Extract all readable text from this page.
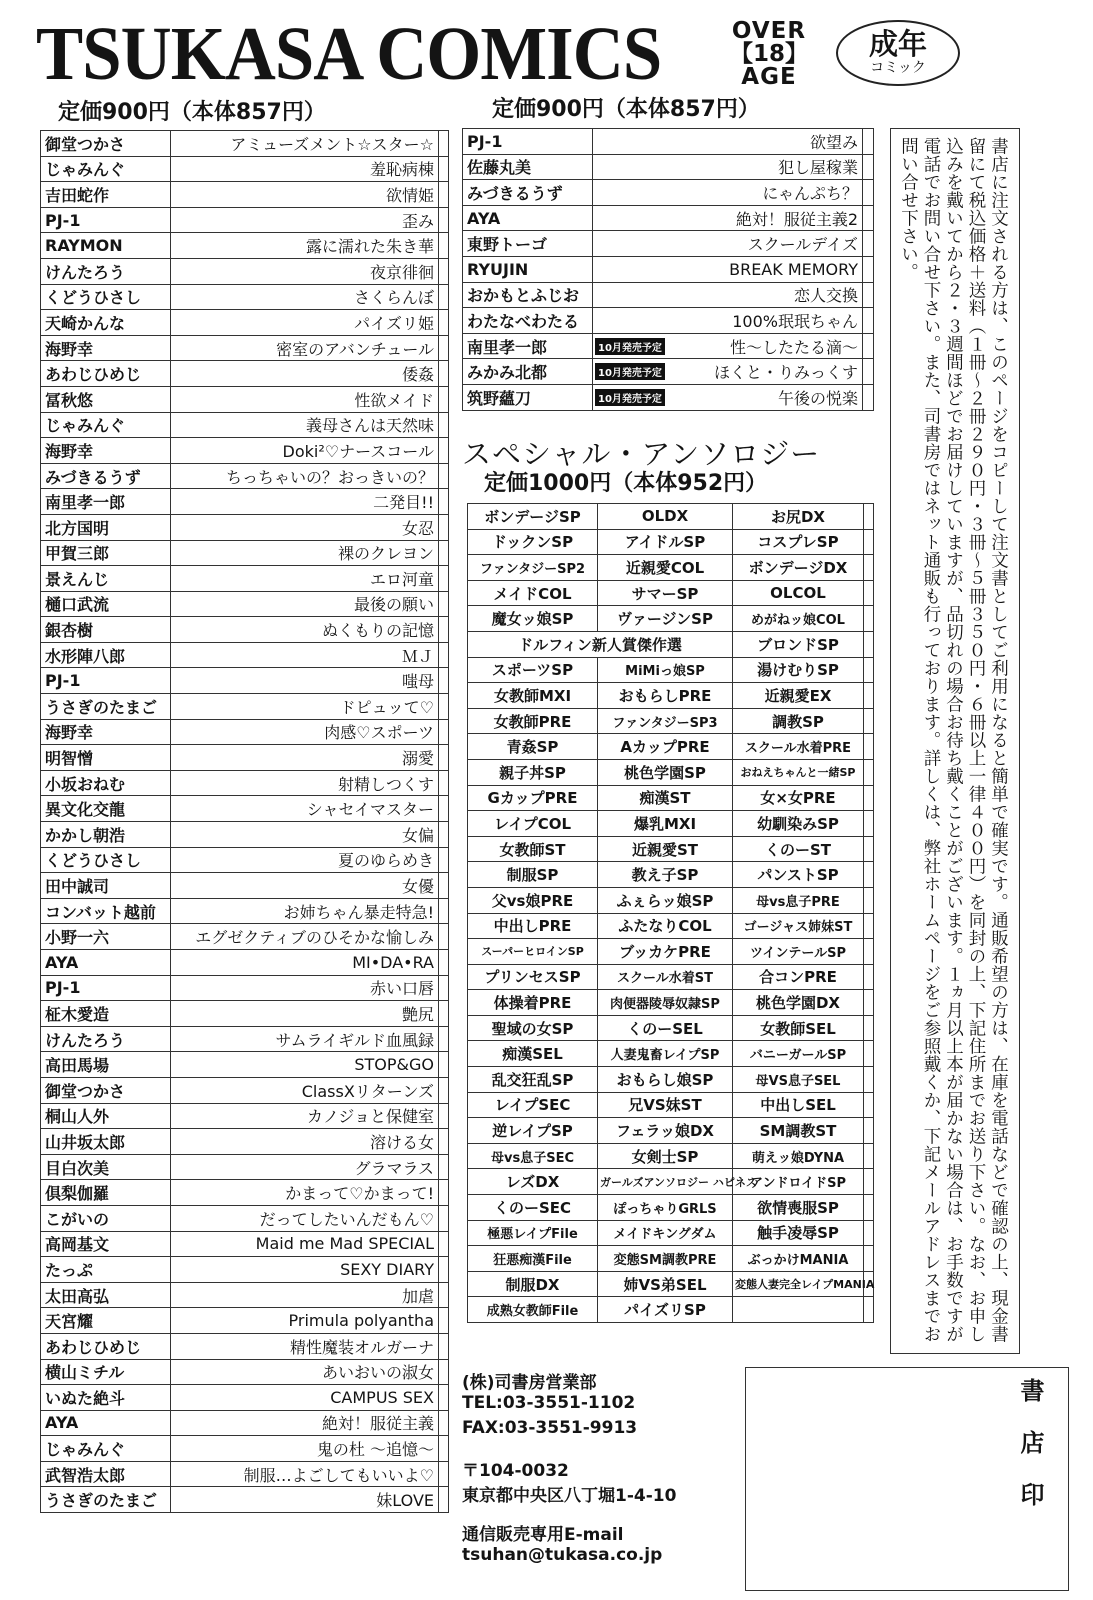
TSUKASA COMICS	OVER
【18】
AGE
成年
コミック
定価900円（本体857円）	定価900円（本体857円）
御堂つかさ	アミューズメント☆スター☆	
じゃみんぐ	羞恥病棟	
吉田蛇作	欲情姫	
PJ-1	歪み	
RAYMON	露に濡れた朱き華	
けんたろう	夜京徘徊	
くどうひさし	さくらんぼ	
天崎かんな	パイズリ姫	
海野幸	密室のアバンチュール	
あわじひめじ	倭姦	
冨秋悠	性欲メイド	
じゃみんぐ	義母さんは天然味	
海野幸	Doki²♡ナースコール	
みづきるうず	ちっちゃいの？おっきいの？	
南里孝一郎	二発目!!	
北方国明	女忍	
甲賀三郎	裸のクレヨン	
景えんじ	エロ河童	
樋口武流	最後の願い	
銀杏樹	ぬくもりの記憶	
水形陣八郎	ＭＪ	
PJ-1	嗤母	
うさぎのたまご	ドピュッて♡	
海野幸	肉感♡スポーツ	
明智憎	溺愛	
小坂おねむ	射精しつくす	
異文化交龍	シャセイマスター	
かかし朝浩	女偏	
くどうひさし	夏のゆらめき	
田中誠司	女優	
コンバット越前	お姉ちゃん暴走特急!	
小野一六	エグゼクティブのひそかな愉しみ	
AYA	MI•DA•RA	
PJ-1	赤い口唇	
柾木愛造	艶尻	
けんたろう	サムライギルド血風録	
高田馬場	STOP&GO	
御堂つかさ	ClassXリターンズ	
桐山人外	カノジョと保健室	
山井坂太郎	溶ける女	
目白次美	グラマラス	
倶梨伽羅	かまって♡かまって!	
こがいの	だってしたいんだもん♡	
高岡基文	Maid me Mad SPECIAL	
たっぷ	SEXY DIARY	
太田高弘	加虐	
天宮耀	Primula polyantha	
あわじひめじ	精性魔装オルガーナ	
横山ミチル	あいおいの淑女	
いぬた絶斗	CAMPUS SEX	
AYA	絶対！服従主義	
じゃみんぐ	鬼の杜 ～追憶～	
武智浩太郎	制服…よごしてもいいよ♡	
うさぎのたまご	妹LOVE	
PJ-1	欲望み	
佐藤丸美	犯し屋稼業	
みづきるうず	にゃんぷち？	
AYA	絶対！服従主義2	
東野トーゴ	スクールデイズ	
RYUJIN	BREAK MEMORY	
おかもとふじお	恋人交換	
わたなべわたる	100%珉珉ちゃん	
南里孝一郎	10月発売予定 性～したたる滴～	
みかみ北都	10月発売予定 ほくと・りみっくす	
筑野蘊刀	10月発売予定 午後の悦楽	
スペシャル・アンソロジー
定価1000円（本体952円）
ボンデージSP	OLDX	お尻DX	
ドックンSP	アイドルSP	コスプレSP	
ファンタジーSP2	近親愛COL	ボンデージDX	
メイドCOL	サマーSP	OLCOL	
魔女ッ娘SP	ヴァージンSP	めがねッ娘COL	
ドルフィン新人賞傑作選		ブロンドSP	
スポーツSP	MiMiっ娘SP	湯けむりSP	
女教師MXI	おもらしPRE	近親愛EX	
女教師PRE	ファンタジーSP3	調教SP	
青姦SP	AカップPRE	スクール水着PRE	
親子丼SP	桃色学園SP	おねえちゃんと一緒SP	
GカップPRE	痴漢ST	女×女PRE	
レイプCOL	爆乳MXI	幼馴染みSP	
女教師ST	近親愛ST	くのーST	
制服SP	教え子SP	パンストSP	
父vs娘PRE	ふぇらッ娘SP	母vs息子PRE	
中出しPRE	ふたなりCOL	ゴージャス姉妹ST	
スーパーヒロインSP	ブッカケPRE	ツインテールSP	
プリンセスSP	スクール水着ST	合コンPRE	
体操着PRE	肉便器陵辱奴隷SP	桃色学園DX	
聖域の女SP	くのーSEL	女教師SEL	
痴漢SEL	人妻鬼畜レイプSP	バニーガールSP	
乱交狂乱SP	おもらし娘SP	母VS息子SEL	
レイプSEC	兄VS妹ST	中出しSEL	
逆レイプSP	フェラッ娘DX	SM調教ST	
母vs息子SEC	女剣士SP	萌えッ娘DYNA	
レズDX	ガールズアンソロジー ハピネス	アンドロイドSP	
くのーSEC	ぽっちゃりGRLS	欲情喪服SP	
極悪レイプFile	メイドキングダム	触手凌辱SP	
狂悪痴漢File	変態SM調教PRE	ぶっかけMANIA	
制服DX	姉VS弟SEL	変態人妻完全レイプMANIA	
成熟女教師File	パイズリSP			書店に注文される方は、このページをコピーして注文書としてご利用になると簡単で確実です。通販希望の方は、在庫を電話などで確認の上、現金書留にて税込価格＋送料（１冊～２冊２９０円・３冊～５冊３５０円・６冊以上一律４００円）を同封の上、下記住所までお送り下さい。なお、お申し込みを戴いてから２・３週間ほどでお届けしていますが、品切れの場合お待ち戴くことがございます。１ヵ月以上本が届かない場合は、お手数ですが電話でお問い合せ下さい。また、司書房ではネット通販も行っております。詳しくは、弊社ホームページをご参照戴くか、下記メールアドレスまでお問い合せ下さい。
(株)司書房営業部
TEL:03-3551-1102
FAX:03-3551-9913
〒104-0032
東京都中央区八丁堀1-4-10
通信販売専用E-mail
tsuhan@tukasa.co.jp
書店印
